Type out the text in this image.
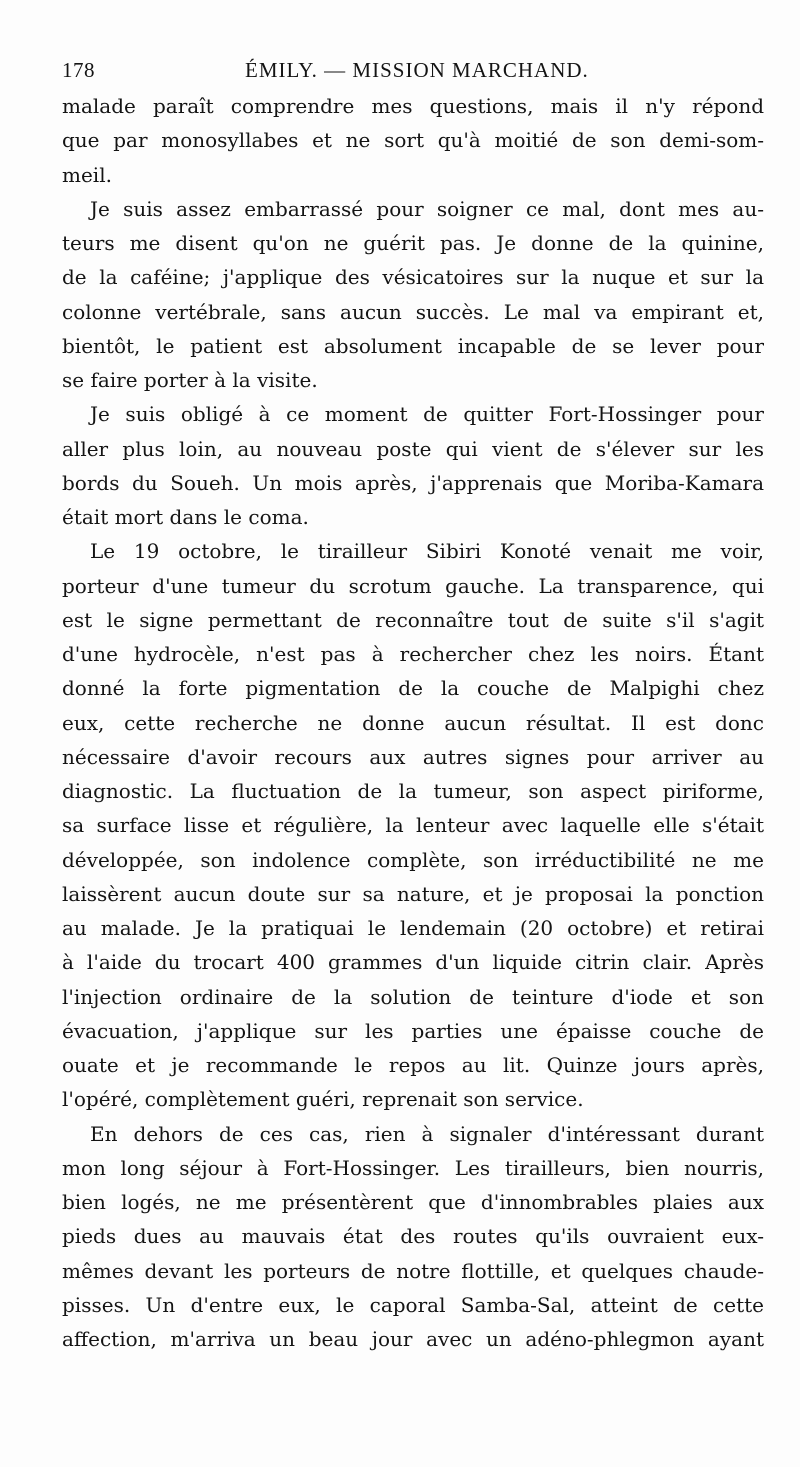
178	ÉMILY. — MISSION MARCHAND.
malade paraît comprendre mes questions, mais il n'y répond
que par monosyllabes et ne sort qu'à moitié de son demi-som-
meil.
Je suis assez embarrassé pour soigner ce mal, dont mes au-
teurs me disent qu'on ne guérit pas. Je donne de la quinine,
de la caféine; j'applique des vésicatoires sur la nuque et sur la
colonne vertébrale, sans aucun succès. Le mal va empirant et,
bientôt, le patient est absolument incapable de se lever pour
se faire porter à la visite.
Je suis obligé à ce moment de quitter Fort-Hossinger pour
aller plus loin, au nouveau poste qui vient de s'élever sur les
bords du Soueh. Un mois après, j'apprenais que Moriba-Kamara
était mort dans le coma.
Le 19 octobre, le tirailleur Sibiri Konoté venait me voir,
porteur d'une tumeur du scrotum gauche. La transparence, qui
est le signe permettant de reconnaître tout de suite s'il s'agit
d'une hydrocèle, n'est pas à rechercher chez les noirs. Étant
donné la forte pigmentation de la couche de Malpighi chez
eux, cette recherche ne donne aucun résultat. Il est donc
nécessaire d'avoir recours aux autres signes pour arriver au
diagnostic. La fluctuation de la tumeur, son aspect piriforme,
sa surface lisse et régulière, la lenteur avec laquelle elle s'était
développée, son indolence complète, son irréductibilité ne me
laissèrent aucun doute sur sa nature, et je proposai la ponction
au malade. Je la pratiquai le lendemain (20 octobre) et retirai
à l'aide du trocart 400 grammes d'un liquide citrin clair. Après
l'injection ordinaire de la solution de teinture d'iode et son
évacuation, j'applique sur les parties une épaisse couche de
ouate et je recommande le repos au lit. Quinze jours après,
l'opéré, complètement guéri, reprenait son service.
En dehors de ces cas, rien à signaler d'intéressant durant
mon long séjour à Fort-Hossinger. Les tirailleurs, bien nourris,
bien logés, ne me présentèrent que d'innombrables plaies aux
pieds dues au mauvais état des routes qu'ils ouvraient eux-
mêmes devant les porteurs de notre flottille, et quelques chaude-
pisses. Un d'entre eux, le caporal Samba-Sal, atteint de cette
affection, m'arriva un beau jour avec un adéno-phlegmon ayant
